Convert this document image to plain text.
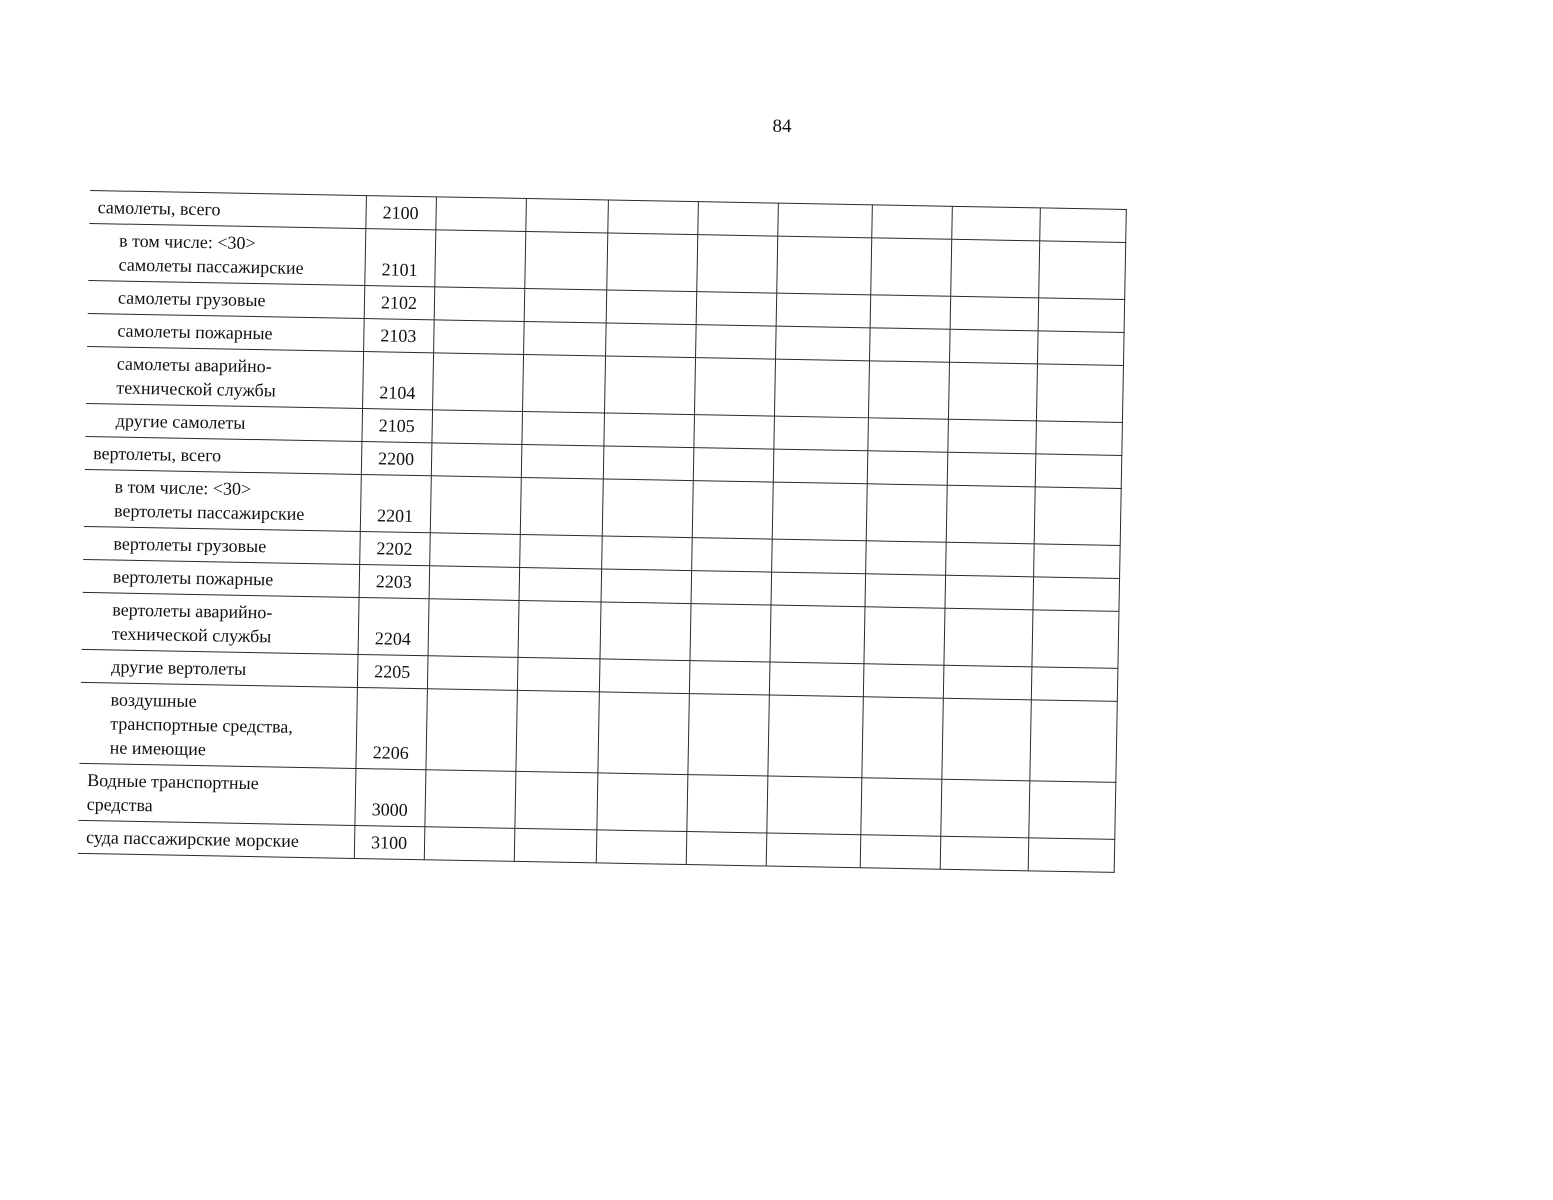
84
самолеты, всего	2100								
в том числе: <30>
самолеты пассажирские	2101								
самолеты грузовые	2102								
самолеты пожарные	2103								
самолеты аварийно-
технической службы	2104								
другие самолеты	2105								
вертолеты, всего	2200								
в том числе: <30>
вертолеты пассажирские	2201								
вертолеты грузовые	2202								
вертолеты пожарные	2203								
вертолеты аварийно-
технической службы	2204								
другие вертолеты	2205								
воздушные
транспортные средства,
не имеющие	2206								
Водные транспортные
средства	3000								
суда пассажирские морские	3100								
